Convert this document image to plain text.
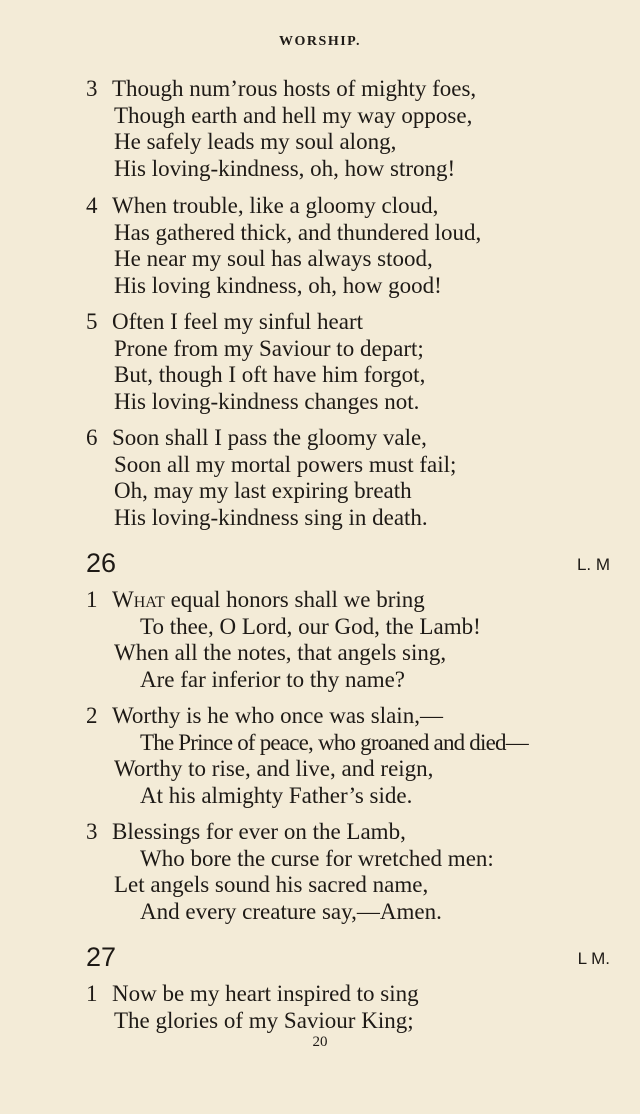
WORSHIP.
3 Though num’rous hosts of mighty foes,
Though earth and hell my way oppose,
He safely leads my soul along,
His loving-kindness, oh, how strong!
4 When trouble, like a gloomy cloud,
Has gathered thick, and thundered loud,
He near my soul has always stood,
His loving kindness, oh, how good!
5 Often I feel my sinful heart
Prone from my Saviour to depart;
But, though I oft have him forgot,
His loving-kindness changes not.
6 Soon shall I pass the gloomy vale,
Soon all my mortal powers must fail;
Oh, may my last expiring breath
His loving-kindness sing in death.
26	L. M
1 What equal honors shall we bring
To thee, O Lord, our God, the Lamb!
When all the notes, that angels sing,
Are far inferior to thy name?
2 Worthy is he who once was slain,—
The Prince of peace, who groaned and died—
Worthy to rise, and live, and reign,
At his almighty Father’s side.
3 Blessings for ever on the Lamb,
Who bore the curse for wretched men:
Let angels sound his sacred name,
And every creature say,—Amen.
27	L M.
1 Now be my heart inspired to sing
The glories of my Saviour King;
20
